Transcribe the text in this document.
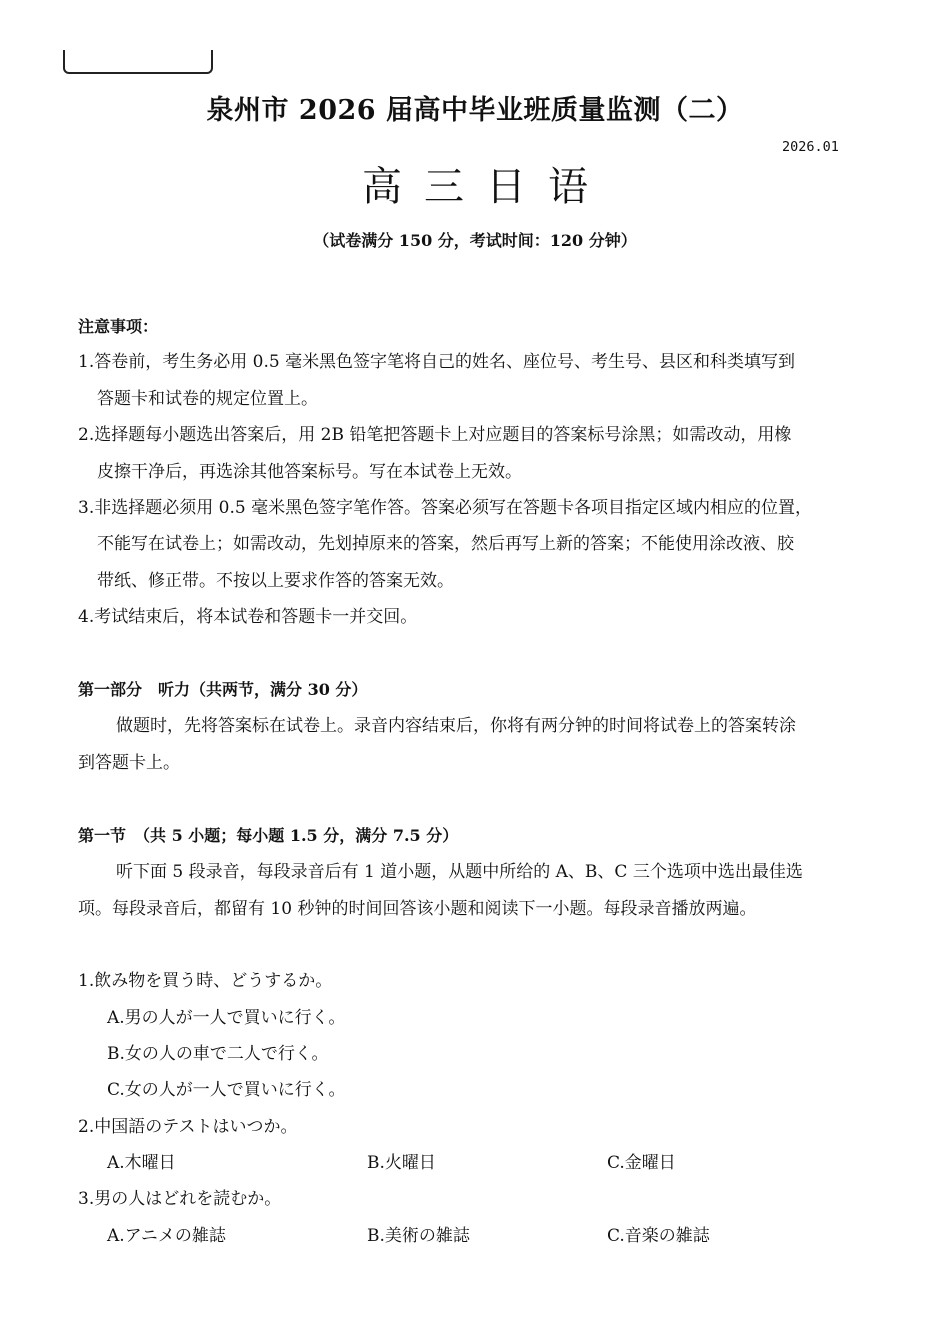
泉州市 2026 届高中毕业班质量监测（二）
2026.01
高三日语
（试卷满分 150 分，考试时间：120 分钟）
注意事项：
1.答卷前，考生务必用 0.5 毫米黑色签字笔将自己的姓名、座位号、考生号、县区和科类填写到
答题卡和试卷的规定位置上。
2.选择题每小题选出答案后，用 2B 铅笔把答题卡上对应题目的答案标号涂黑；如需改动，用橡
皮擦干净后，再选涂其他答案标号。写在本试卷上无效。
3.非选择题必须用 0.5 毫米黑色签字笔作答。答案必须写在答题卡各项目指定区域内相应的位置，
不能写在试卷上；如需改动，先划掉原来的答案，然后再写上新的答案；不能使用涂改液、胶
带纸、修正带。不按以上要求作答的答案无效。
4.考试结束后，将本试卷和答题卡一并交回。
第一部分　听力（共两节，满分 30 分）
做题时，先将答案标在试卷上。录音内容结束后，你将有两分钟的时间将试卷上的答案转涂
到答题卡上。
第一节　（共 5 小题；每小题 1.5 分，满分 7.5 分）
听下面 5 段录音，每段录音后有 1 道小题，从题中所给的 A、B、C 三个选项中选出最佳选
项。每段录音后，都留有 10 秒钟的时间回答该小题和阅读下一小题。每段录音播放两遍。
1.飲み物を買う時、どうするか。
A.男の人が一人で買いに行く。
B.女の人の車で二人で行く。
C.女の人が一人で買いに行く。
2.中国語のテストはいつか。
A.木曜日	B.火曜日	C.金曜日
3.男の人はどれを読むか。
A.アニメの雑誌	B.美術の雑誌	C.音楽の雑誌
